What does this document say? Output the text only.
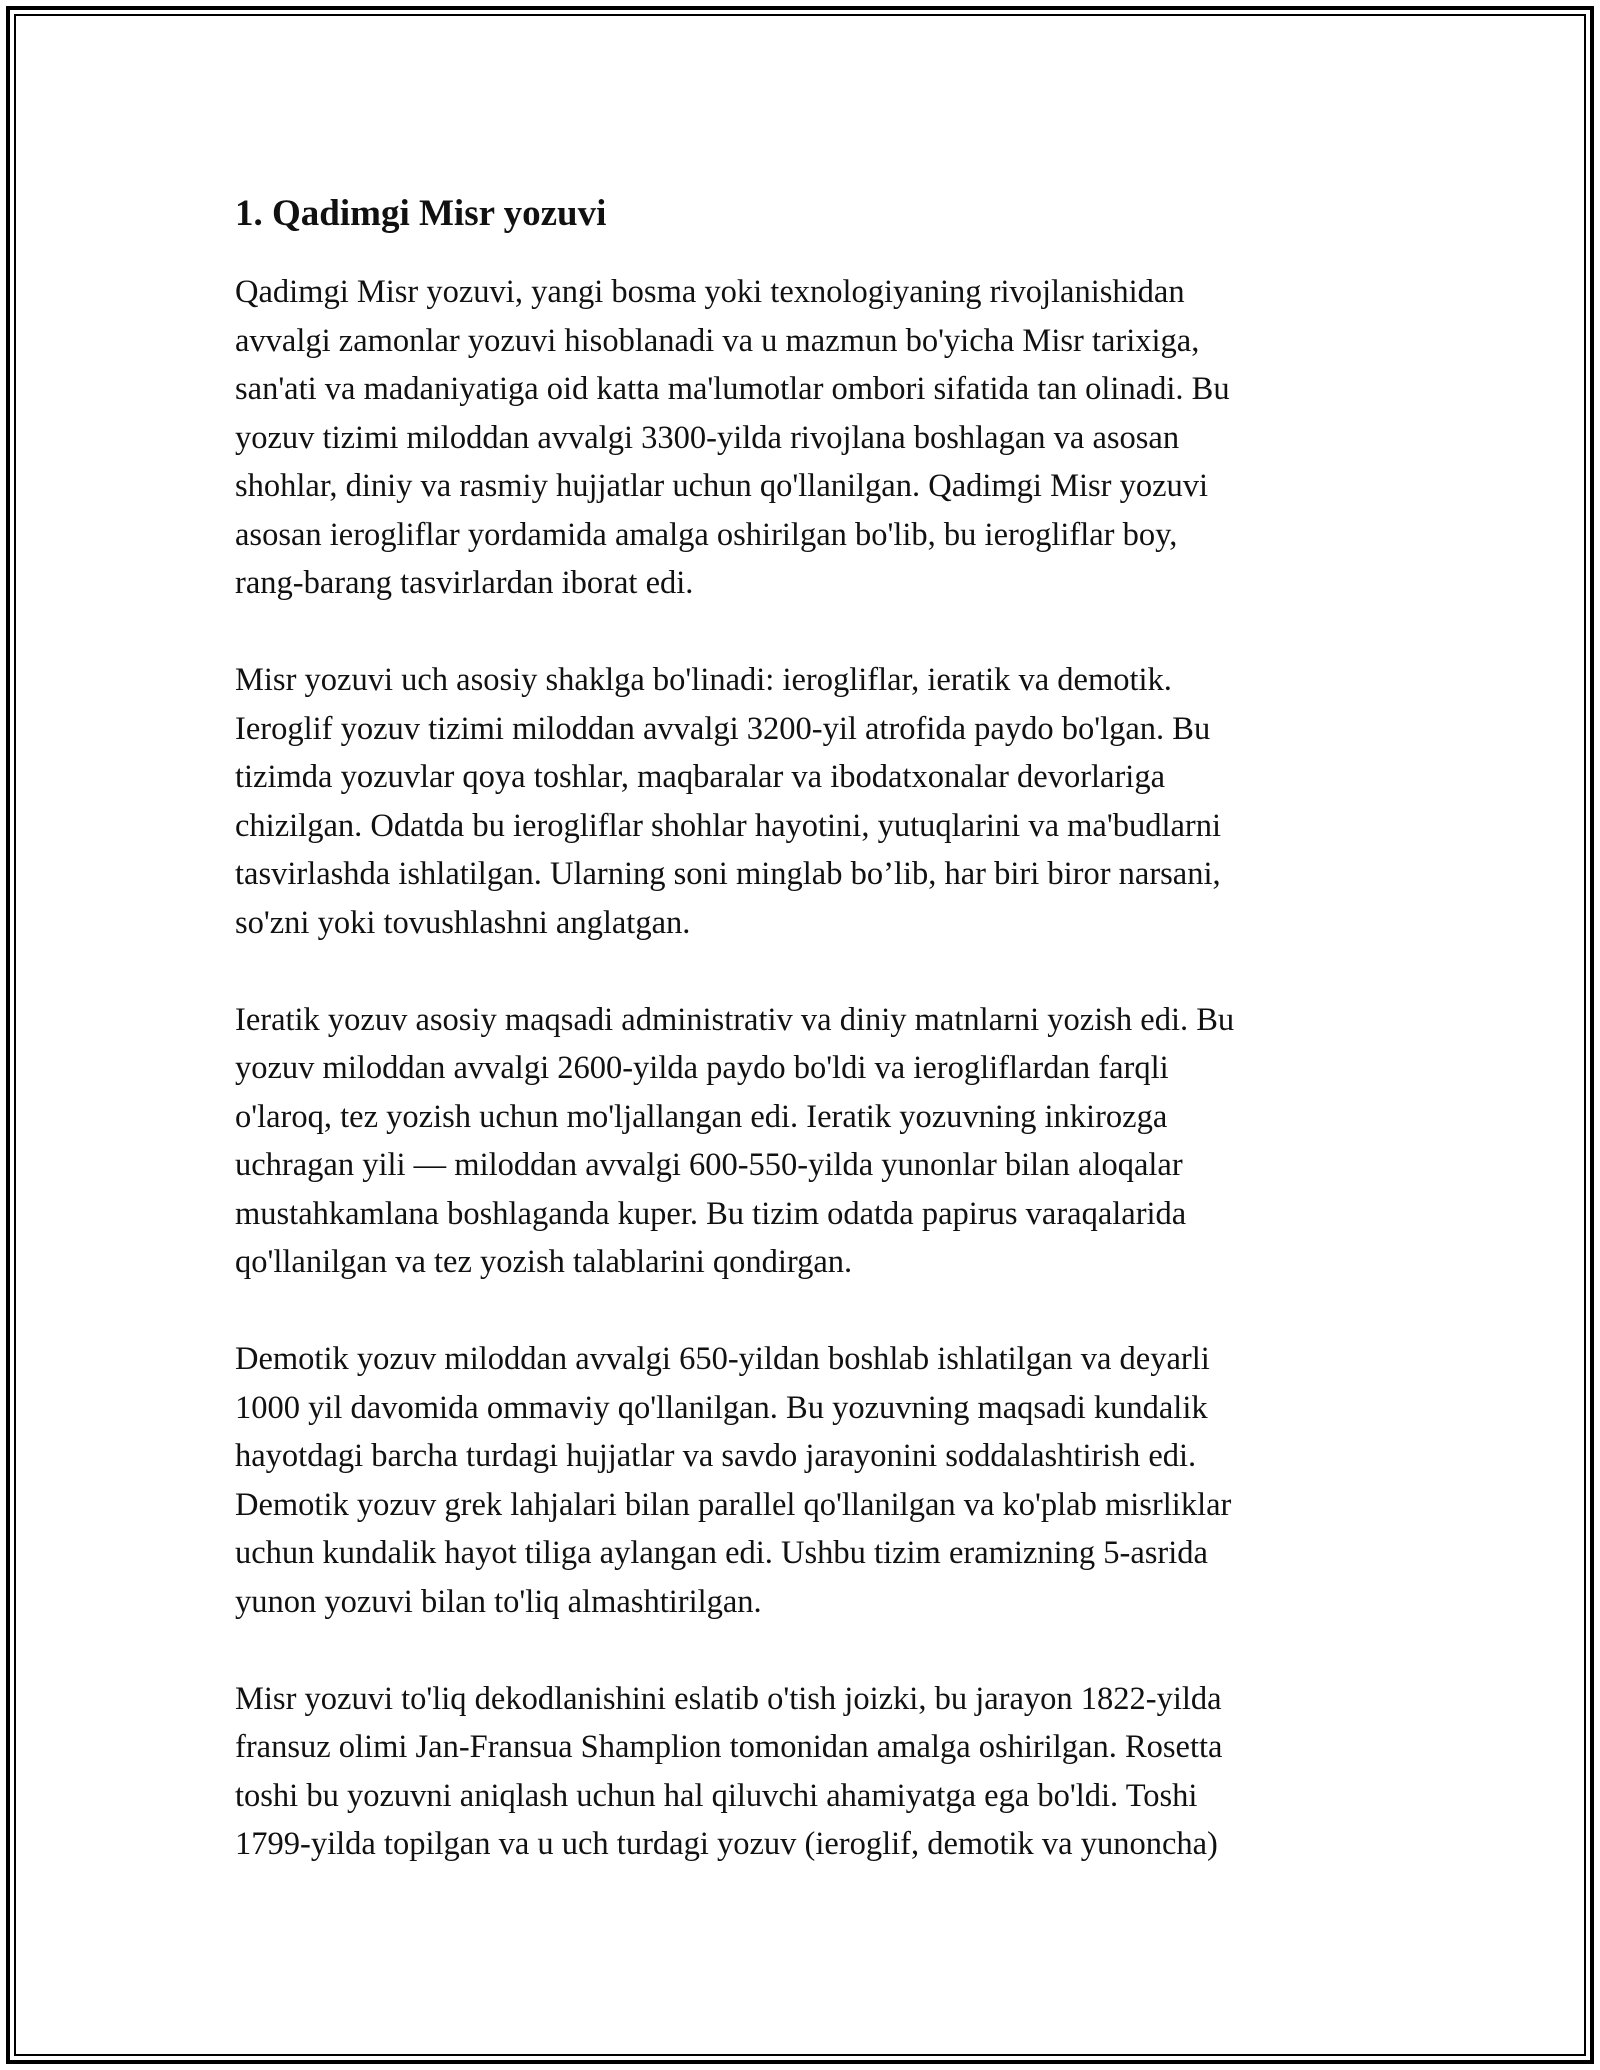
1. Qadimgi Misr yozuvi

Qadimgi Misr yozuvi, yangi bosma yoki texnologiyaning rivojlanishidan
avvalgi zamonlar yozuvi hisoblanadi va u mazmun bo'yicha Misr tarixiga,
san'ati va madaniyatiga oid katta ma'lumotlar ombori sifatida tan olinadi. Bu
yozuv tizimi miloddan avvalgi 3300-yilda rivojlana boshlagan va asosan
shohlar, diniy va rasmiy hujjatlar uchun qo'llanilgan. Qadimgi Misr yozuvi
asosan ierogliflar yordamida amalga oshirilgan bo'lib, bu ierogliflar boy,
rang-barang tasvirlardan iborat edi.

Misr yozuvi uch asosiy shaklga bo'linadi: ierogliflar, ieratik va demotik.
Ieroglif yozuv tizimi miloddan avvalgi 3200-yil atrofida paydo bo'lgan. Bu
tizimda yozuvlar qoya toshlar, maqbaralar va ibodatxonalar devorlariga
chizilgan. Odatda bu ierogliflar shohlar hayotini, yutuqlarini va ma'budlarni
tasvirlashda ishlatilgan. Ularning soni minglab bo’lib, har biri biror narsani,
so'zni yoki tovushlashni anglatgan.

Ieratik yozuv asosiy maqsadi administrativ va diniy matnlarni yozish edi. Bu
yozuv miloddan avvalgi 2600-yilda paydo bo'ldi va ierogliflardan farqli
o'laroq, tez yozish uchun mo'ljallangan edi. Ieratik yozuvning inkirozga
uchragan yili — miloddan avvalgi 600-550-yilda yunonlar bilan aloqalar
mustahkamlana boshlaganda kuper. Bu tizim odatda papirus varaqalarida
qo'llanilgan va tez yozish talablarini qondirgan.

Demotik yozuv miloddan avvalgi 650-yildan boshlab ishlatilgan va deyarli
1000 yil davomida ommaviy qo'llanilgan. Bu yozuvning maqsadi kundalik
hayotdagi barcha turdagi hujjatlar va savdo jarayonini soddalashtirish edi.
Demotik yozuv grek lahjalari bilan parallel qo'llanilgan va ko'plab misrliklar
uchun kundalik hayot tiliga aylangan edi. Ushbu tizim eramizning 5-asrida
yunon yozuvi bilan to'liq almashtirilgan.

Misr yozuvi to'liq dekodlanishini eslatib o'tish joizki, bu jarayon 1822-yilda
fransuz olimi Jan-Fransua Shamplion tomonidan amalga oshirilgan. Rosetta
toshi bu yozuvni aniqlash uchun hal qiluvchi ahamiyatga ega bo'ldi. Toshi
1799-yilda topilgan va u uch turdagi yozuv (ieroglif, demotik va yunoncha)
